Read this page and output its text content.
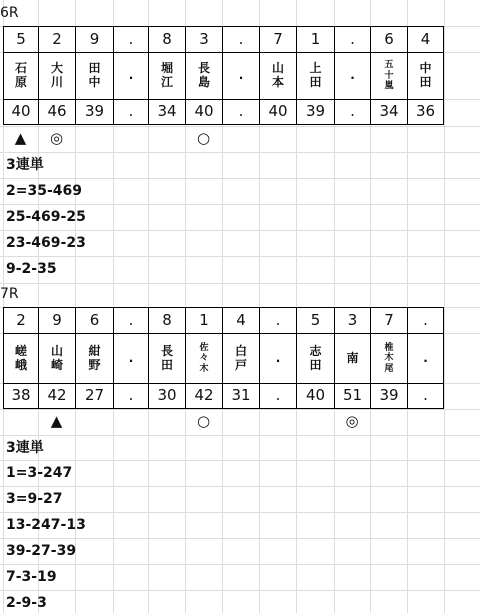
6R
5
石
原
40
▲
2
大
川
46
◎
9
田
中
39
.
.
.
8
堀
江
34
3
長
島
40
○
.
.
.
7
山
本
40
1
上
田
39
.
.
.
6
五
十
嵐
34
4
中
田
36
3連単
2=35-469
25-469-25
23-469-23
9-2-35
7R
2
嵯
峨
38
9
山
崎
42
▲
6
紺
野
27
.
.
.
8
長
田
30
1
佐
々
木
42
○
4
白
戸
31
.
.
.
5
志
田
40
3
南
51
◎
7
椎
木
尾
39
.
.
.
3連単
1=3-247
3=9-27
13-247-13
39-27-39
7-3-19
2-9-3
